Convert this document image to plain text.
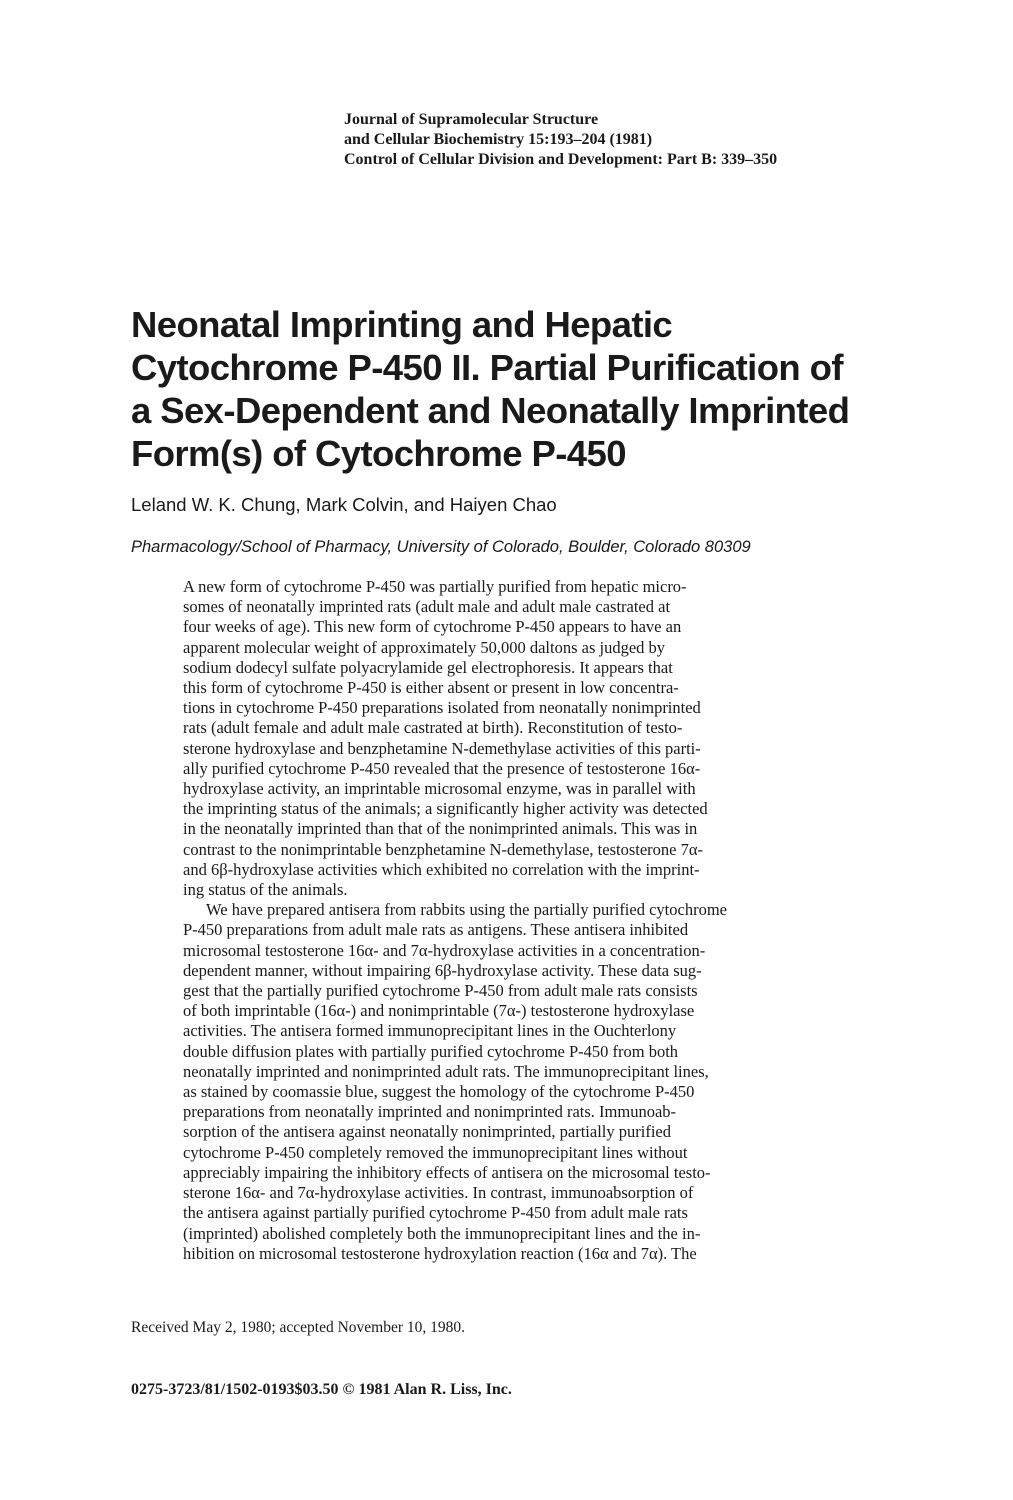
Journal of Supramolecular Structure
and Cellular Biochemistry 15:193–204 (1981)
Control of Cellular Division and Development: Part B: 339–350
Neonatal Imprinting and Hepatic
Cytochrome P-450 II. Partial Purification of
a Sex-Dependent and Neonatally Imprinted
Form(s) of Cytochrome P-450
Leland W. K. Chung, Mark Colvin, and Haiyen Chao
Pharmacology/School of Pharmacy, University of Colorado, Boulder, Colorado 80309
A new form of cytochrome P-450 was partially purified from hepatic micro-
somes of neonatally imprinted rats (adult male and adult male castrated at
four weeks of age). This new form of cytochrome P-450 appears to have an
apparent molecular weight of approximately 50,000 daltons as judged by
sodium dodecyl sulfate polyacrylamide gel electrophoresis. It appears that
this form of cytochrome P-450 is either absent or present in low concentra-
tions in cytochrome P-450 preparations isolated from neonatally nonimprinted
rats (adult female and adult male castrated at birth). Reconstitution of testo-
sterone hydroxylase and benzphetamine N-demethylase activities of this parti-
ally purified cytochrome P-450 revealed that the presence of testosterone 16α-
hydroxylase activity, an imprintable microsomal enzyme, was in parallel with
the imprinting status of the animals; a significantly higher activity was detected
in the neonatally imprinted than that of the nonimprinted animals. This was in
contrast to the nonimprintable benzphetamine N-demethylase, testosterone 7α-
and 6β-hydroxylase activities which exhibited no correlation with the imprint-
ing status of the animals.
We have prepared antisera from rabbits using the partially purified cytochrome
P-450 preparations from adult male rats as antigens. These antisera inhibited
microsomal testosterone 16α- and 7α-hydroxylase activities in a concentration-
dependent manner, without impairing 6β-hydroxylase activity. These data sug-
gest that the partially purified cytochrome P-450 from adult male rats consists
of both imprintable (16α-) and nonimprintable (7α-) testosterone hydroxylase
activities. The antisera formed immunoprecipitant lines in the Ouchterlony
double diffusion plates with partially purified cytochrome P-450 from both
neonatally imprinted and nonimprinted adult rats. The immunoprecipitant lines,
as stained by coomassie blue, suggest the homology of the cytochrome P-450
preparations from neonatally imprinted and nonimprinted rats. Immunoab-
sorption of the antisera against neonatally nonimprinted, partially purified
cytochrome P-450 completely removed the immunoprecipitant lines without
appreciably impairing the inhibitory effects of antisera on the microsomal testo-
sterone 16α- and 7α-hydroxylase activities. In contrast, immunoabsorption of
the antisera against partially purified cytochrome P-450 from adult male rats
(imprinted) abolished completely both the immunoprecipitant lines and the in-
hibition on microsomal testosterone hydroxylation reaction (16α and 7α). The
Received May 2, 1980; accepted November 10, 1980.
0275-3723/81/1502-0193$03.50 © 1981 Alan R. Liss, Inc.
